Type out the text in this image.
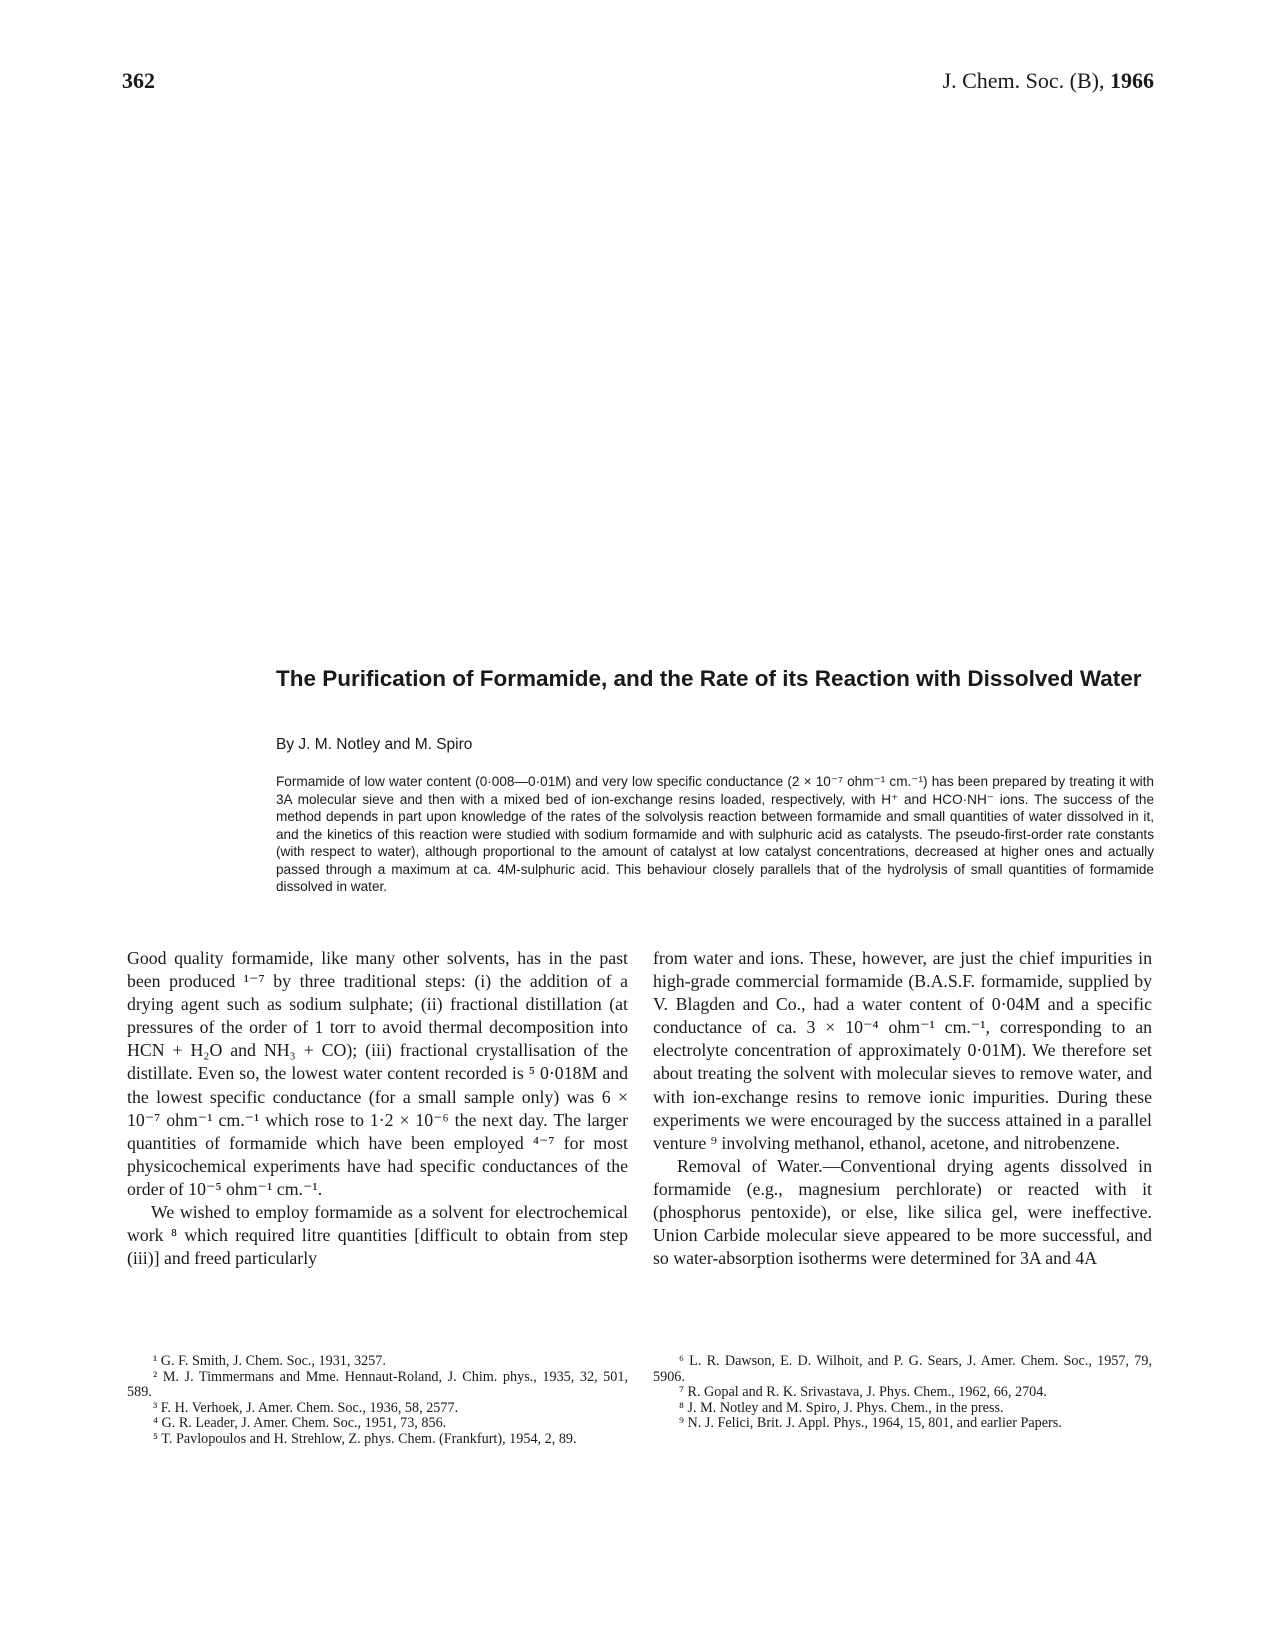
362	J. Chem. Soc. (B), 1966
The Purification of Formamide, and the Rate of its Reaction with Dissolved Water

By J. M. Notley and M. Spiro

Formamide of low water content (0·008—0·01M) and very low specific conductance (2 × 10⁻⁷ ohm⁻¹ cm.⁻¹) has been prepared by treating it with 3A molecular sieve and then with a mixed bed of ion-exchange resins loaded, respectively, with H⁺ and HCO·NH⁻ ions. The success of the method depends in part upon knowledge of the rates of the solvolysis reaction between formamide and small quantities of water dissolved in it, and the kinetics of this reaction were studied with sodium formamide and with sulphuric acid as catalysts. The pseudo-first-order rate constants (with respect to water), although proportional to the amount of catalyst at low catalyst concentrations, decreased at higher ones and actually passed through a maximum at ca. 4M-sulphuric acid. This behaviour closely parallels that of the hydrolysis of small quantities of formamide dissolved in water.

Good quality formamide, like many other solvents, has in the past been produced ¹⁻⁷ by three traditional steps: (i) the addition of a drying agent such as sodium sulphate; (ii) fractional distillation (at pressures of the order of 1 torr to avoid thermal decomposition into HCN + H₂O and NH₃ + CO); (iii) fractional crystallisation of the distillate. Even so, the lowest water content recorded is ⁵ 0·018M and the lowest specific conductance (for a small sample only) was 6 × 10⁻⁷ ohm⁻¹ cm.⁻¹ which rose to 1·2 × 10⁻⁶ the next day. The larger quantities of formamide which have been employed ⁴⁻⁷ for most physicochemical experiments have had specific conductances of the order of 10⁻⁵ ohm⁻¹ cm.⁻¹.

We wished to employ formamide as a solvent for electrochemical work ⁸ which required litre quantities [difficult to obtain from step (iii)] and freed particularly

from water and ions. These, however, are just the chief impurities in high-grade commercial formamide (B.A.S.F. formamide, supplied by V. Blagden and Co., had a water content of 0·04M and a specific conductance of ca. 3 × 10⁻⁴ ohm⁻¹ cm.⁻¹, corresponding to an electrolyte concentration of approximately 0·01M). We therefore set about treating the solvent with molecular sieves to remove water, and with ion-exchange resins to remove ionic impurities. During these experiments we were encouraged by the success attained in a parallel venture ⁹ involving methanol, ethanol, acetone, and nitrobenzene.

Removal of Water.—Conventional drying agents dissolved in formamide (e.g., magnesium perchlorate) or reacted with it (phosphorus pentoxide), or else, like silica gel, were ineffective. Union Carbide molecular sieve appeared to be more successful, and so water-absorption isotherms were determined for 3A and 4A

¹ G. F. Smith, J. Chem. Soc., 1931, 3257.

² M. J. Timmermans and Mme. Hennaut-Roland, J. Chim. phys., 1935, 32, 501, 589.

³ F. H. Verhoek, J. Amer. Chem. Soc., 1936, 58, 2577.

⁴ G. R. Leader, J. Amer. Chem. Soc., 1951, 73, 856.

⁵ T. Pavlopoulos and H. Strehlow, Z. phys. Chem. (Frankfurt), 1954, 2, 89.

⁶ L. R. Dawson, E. D. Wilhoit, and P. G. Sears, J. Amer. Chem. Soc., 1957, 79, 5906.

⁷ R. Gopal and R. K. Srivastava, J. Phys. Chem., 1962, 66, 2704.

⁸ J. M. Notley and M. Spiro, J. Phys. Chem., in the press.

⁹ N. J. Felici, Brit. J. Appl. Phys., 1964, 15, 801, and earlier Papers.
